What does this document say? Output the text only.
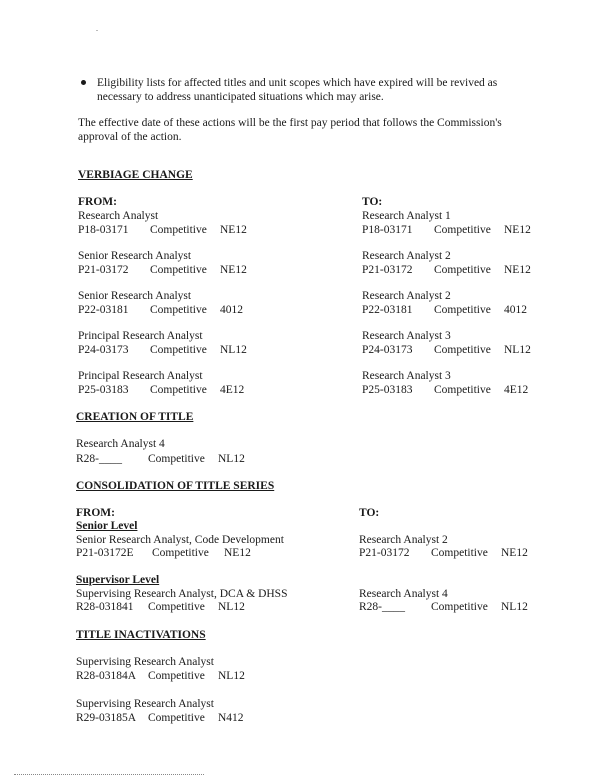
Eligibility lists for affected titles and unit scopes which have expired will be revived as
necessary to address unanticipated situations which may arise.
The effective date of these actions will be the first pay period that follows the Commission's
approval of the action.
VERBIAGE CHANGE
FROM:	TO:
Research Analyst
P18-03171 Competitive NE12
Research Analyst 1
P18-03171 Competitive NE12
Senior Research Analyst
P21-03172 Competitive NE12
Research Analyst 2
P21-03172 Competitive NE12
Senior Research Analyst
P22-03181 Competitive 4012
Research Analyst 2
P22-03181 Competitive 4012
Principal Research Analyst
P24-03173 Competitive NL12
Research Analyst 3
P24-03173 Competitive NL12
Principal Research Analyst
P25-03183 Competitive 4E12
Research Analyst 3
P25-03183 Competitive 4E12
CREATION OF TITLE
Research Analyst 4
R28-____ Competitive NL12
CONSOLIDATION OF TITLE SERIES
FROM:	TO:
Senior Level
Senior Research Analyst, Code Development
P21-03172E Competitive NE12
Research Analyst 2
P21-03172 Competitive NE12
Supervisor Level
Supervising Research Analyst, DCA & DHSS
R28-031841 Competitive NL12
Research Analyst 4
R28-____ Competitive NL12
TITLE INACTIVATIONS
Supervising Research Analyst
R28-03184A Competitive NL12
Supervising Research Analyst
R29-03185A Competitive N412
